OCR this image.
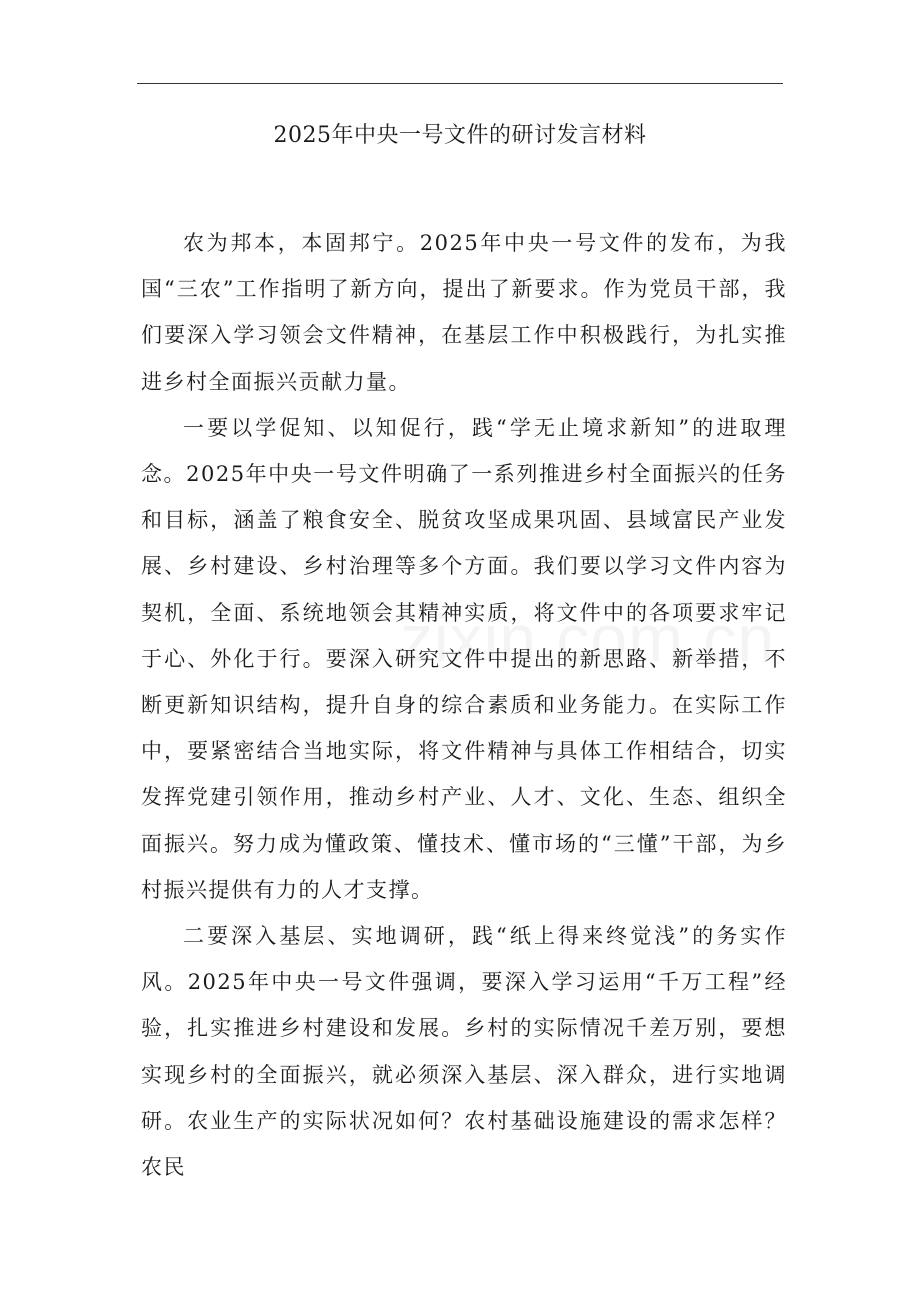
2025年中央一号文件的研讨发言材料

农为邦本，本固邦宁。2025年中央一号文件的发布，为我国“三农”工作指明了新方向，提出了新要求。作为党员干部，我们要深入学习领会文件精神，在基层工作中积极践行，为扎实推进乡村全面振兴贡献力量。

一要以学促知、以知促行，践“学无止境求新知”的进取理念。2025年中央一号文件明确了一系列推进乡村全面振兴的任务和目标，涵盖了粮食安全、脱贫攻坚成果巩固、县域富民产业发展、乡村建设、乡村治理等多个方面。我们要以学习文件内容为契机，全面、系统地领会其精神实质，将文件中的各项要求牢记于心、外化于行。要深入研究文件中提出的新思路、新举措，不断更新知识结构，提升自身的综合素质和业务能力。在实际工作中，要紧密结合当地实际，将文件精神与具体工作相结合，切实发挥党建引领作用，推动乡村产业、人才、文化、生态、组织全面振兴。努力成为懂政策、懂技术、懂市场的“三懂”干部，为乡村振兴提供有力的人才支撑。

二要深入基层、实地调研，践“纸上得来终觉浅”的务实作风。2025年中央一号文件强调，要深入学习运用“千万工程”经验，扎实推进乡村建设和发展。乡村的实际情况千差万别，要想实现乡村的全面振兴，就必须深入基层、深入群众，进行实地调研。农业生产的实际状况如何？农村基础设施建设的需求怎样？农民
